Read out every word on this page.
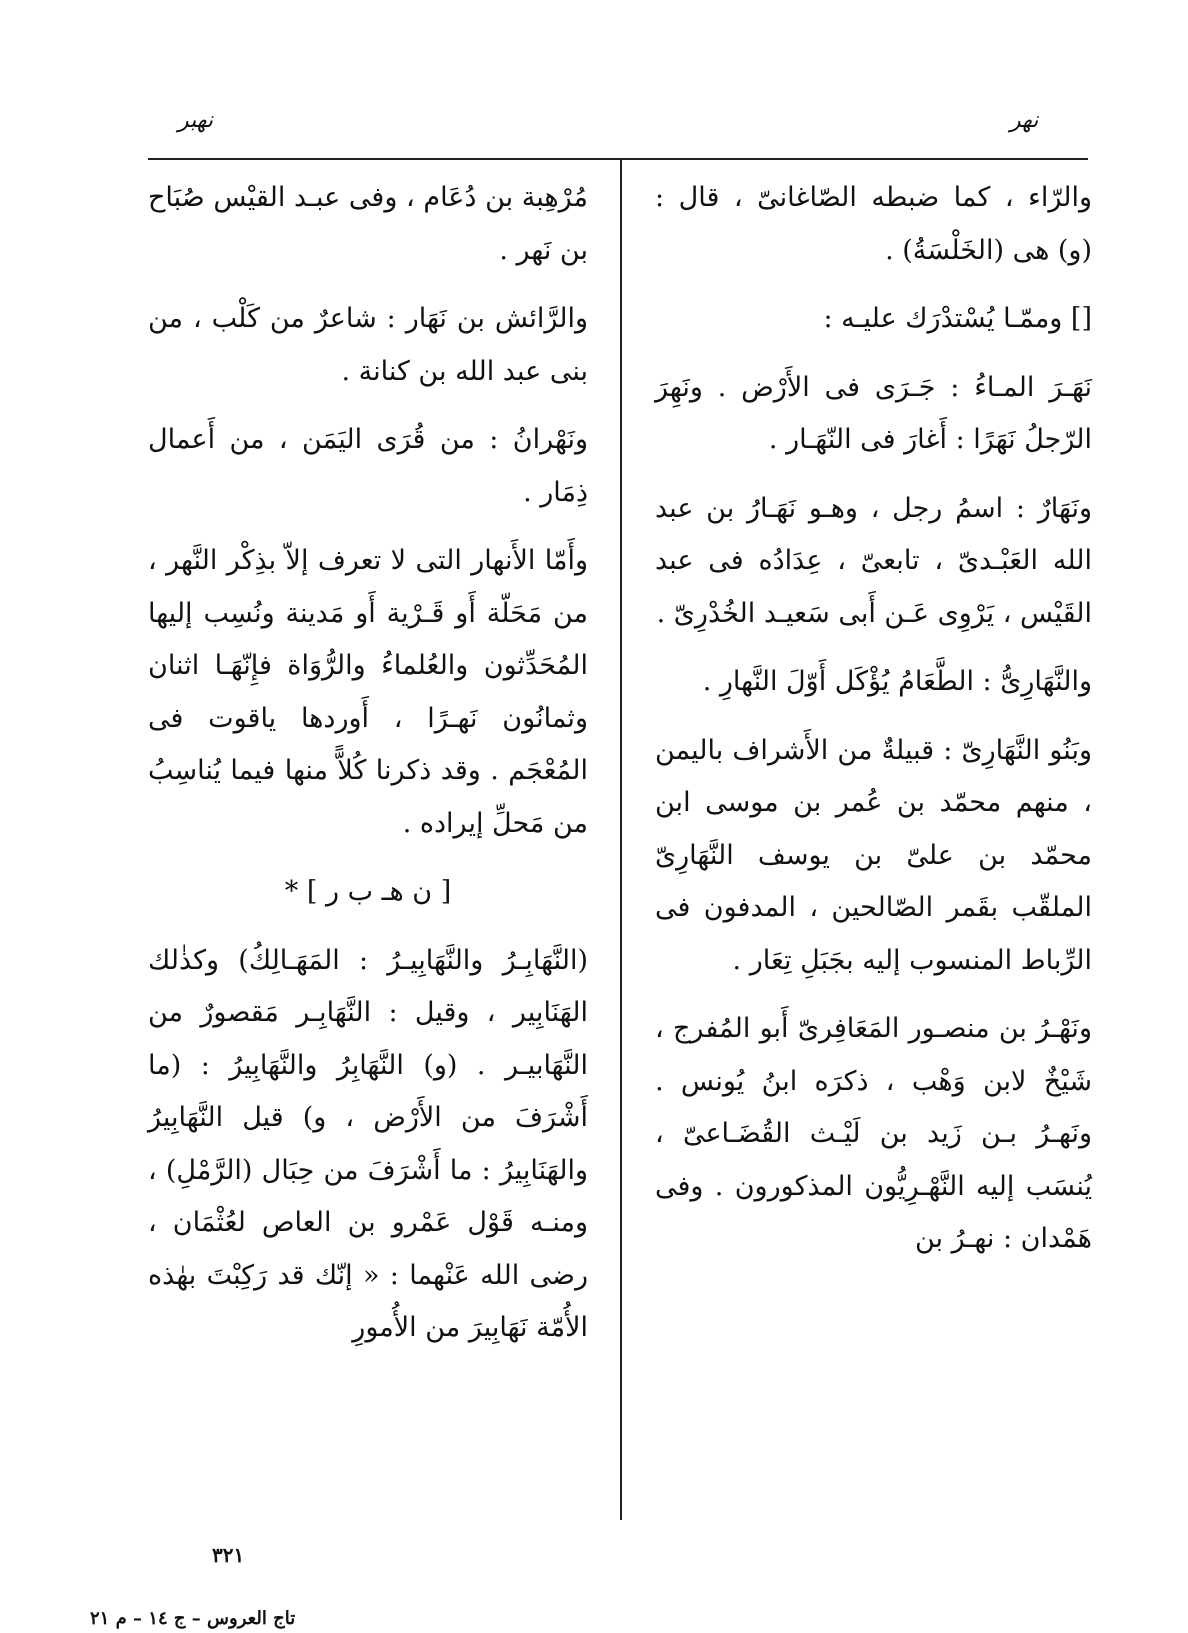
نهر
نهبر

والرّاء ، كما ضبطه الصّاغانىّ ، قال : (و) هى (الخَلْسَةُ) .

[] وممّـا يُسْتدْرَك عليـه :

نَهَـرَ المـاءُ : جَـرَى فى الأَرْض . ونَهِرَ الرّجلُ نَهَرًا : أَغارَ فى النّهَـار .

ونَهَارٌ : اسمُ رجل ، وهـو نَهَـارُ بن عبد الله العَبْـدىّ ، تابعىّ ، عِدَادُه فى عبد القَيْس ، يَرْوِى عَـن أَبى سَعيـد الخُدْرِىّ .

والنَّهَارِىُّ : الطَّعَامُ يُؤْكَل أَوّلَ النَّهارِ .

وبَنُو النَّهَارِىّ : قبيلةٌ من الأَشراف باليمن ، منهم محمّد بن عُمر بن موسى ابن محمّد بن علىّ بن يوسف النَّهَارِىّ الملقّب بقَمر الصّالحين ، المدفون فى الرِّباط المنسوب إليه بجَبَلِ تِعَار .

ونَهْـرُ بن منصـور المَعَافِرىّ أَبو المُفرج ، شَيْخٌ لابن وَهْب ، ذكرَه ابنُ يُونس . ونَهـرُ بـن زَيد بن لَيْـث القُضَـاعىّ ، يُنسَب إليه النَّهْـرِيُّون المذكورون . وفى هَمْدان : نهـرُ بن

مُرْهِبة بن دُعَام ، وفى عبـد القيْس صُبَاح بن نَهر .

والرَّائش بن نَهَار : شاعرٌ من كَلْب ، من بنى عبد الله بن كنانة .

ونَهْرانُ : من قُرَى اليَمَن ، من أَعمال ذِمَار .

وأَمّا الأَنهار التى لا تعرف إلاّ بذِكْر النَّهر ، من مَحَلّة أَو قَـرْية أَو مَدينة ونُسِب إليها المُحَدِّثون والعُلماءُ والرُّوَاة فإِنّهَـا اثنان وثمانُون نَهـرًا ، أَوردها ياقوت فى المُعْجَم . وقد ذكرنا كُلاًّ منها فيما يُناسِبُ من مَحلِّ إيراده .

[ ن هـ ب ر ] *

(النَّهَابِـرُ والنَّهَابِيـرُ : المَهَـالِكُ) وكذٰلك الهَنَابِير ، وقيل : النَّهَابِـر مَقصورٌ من النَّهَابيـر . (و) النَّهَابِرُ والنَّهَابِيرُ : (ما أَشْرَفَ من الأَرْض ، و) قيل النَّهَابِيرُ والهَنَابِيرُ : ما أَشْرَفَ من حِبَال (الرَّمْلِ) ، ومنـه قَوْل عَمْرو بن العاص لعُثْمَان ، رضى الله عَنْهما : « إنّك قد رَكِبْتَ بهٰذه الأُمّة نَهَابِيرَ من الأُمورِ

٣٢١
تاج العروس – ج ١٤ – م ٢١
